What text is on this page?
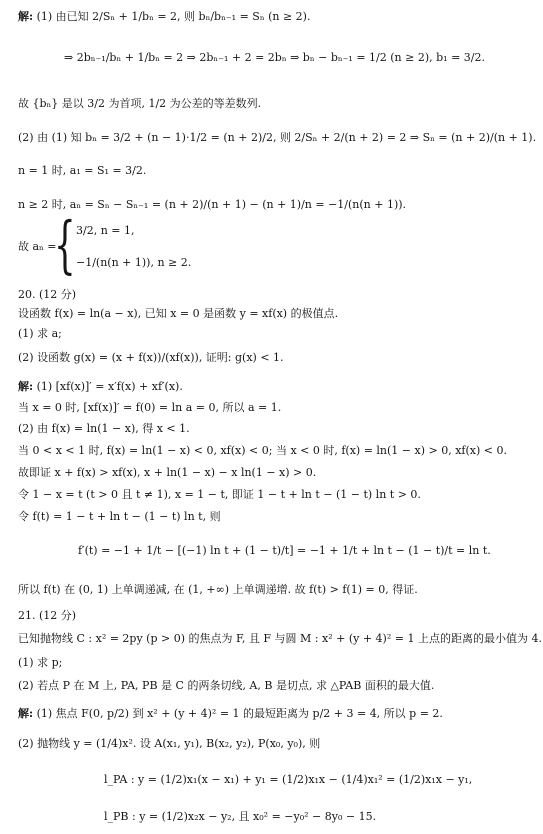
解: (1) 由已知 2/Sₙ + 1/bₙ = 2, 则 bₙ/bₙ₋₁ = Sₙ (n ≥ 2).
⇒ 2bₙ₋₁/bₙ + 1/bₙ = 2 ⇒ 2bₙ₋₁ + 2 = 2bₙ ⇒ bₙ − bₙ₋₁ = 1/2 (n ≥ 2), b₁ = 3/2.
故 {bₙ} 是以 3/2 为首项, 1/2 为公差的等差数列.
(2) 由 (1) 知 bₙ = 3/2 + (n − 1)·1/2 = (n + 2)/2, 则 2/Sₙ + 2/(n + 2) = 2 ⇒ Sₙ = (n + 2)/(n + 1).
n = 1 时, a₁ = S₁ = 3/2.
n ≥ 2 时, aₙ = Sₙ − Sₙ₋₁ = (n + 2)/(n + 1) − (n + 1)/n = −1/(n(n + 1)).
故 aₙ =
{ 3/2, n = 1,
−1/(n(n + 1)), n ≥ 2.
20. (12 分)
设函数 f(x) = ln(a − x), 已知 x = 0 是函数 y = xf(x) 的极值点.
(1) 求 a;
(2) 设函数 g(x) = (x + f(x))/(xf(x)), 证明: g(x) < 1.
解: (1) [xf(x)]′ = x′f(x) + xf′(x).
当 x = 0 时, [xf(x)]′ = f(0) = ln a = 0, 所以 a = 1.
(2) 由 f(x) = ln(1 − x), 得 x < 1.
当 0 < x < 1 时, f(x) = ln(1 − x) < 0, xf(x) < 0; 当 x < 0 时, f(x) = ln(1 − x) > 0, xf(x) < 0.
故即证 x + f(x) > xf(x), x + ln(1 − x) − x ln(1 − x) > 0.
令 1 − x = t (t > 0 且 t ≠ 1), x = 1 − t, 即证 1 − t + ln t − (1 − t) ln t > 0.
令 f(t) = 1 − t + ln t − (1 − t) ln t, 则
f′(t) = −1 + 1/t − [(−1) ln t + (1 − t)/t] = −1 + 1/t + ln t − (1 − t)/t = ln t.
所以 f(t) 在 (0, 1) 上单调递减, 在 (1, +∞) 上单调递增. 故 f(t) > f(1) = 0, 得证.
21. (12 分)
已知抛物线 C : x² = 2py (p > 0) 的焦点为 F, 且 F 与圆 M : x² + (y + 4)² = 1 上点的距离的最小值为 4.
(1) 求 p;
(2) 若点 P 在 M 上, PA, PB 是 C 的两条切线, A, B 是切点, 求 △PAB 面积的最大值.
解: (1) 焦点 F(0, p/2) 到 x² + (y + 4)² = 1 的最短距离为 p/2 + 3 = 4, 所以 p = 2.
(2) 抛物线 y = (1/4)x². 设 A(x₁, y₁), B(x₂, y₂), P(x₀, y₀), 则
l_PA : y = (1/2)x₁(x − x₁) + y₁ = (1/2)x₁x − (1/4)x₁² = (1/2)x₁x − y₁,
l_PB : y = (1/2)x₂x − y₂, 且 x₀² = −y₀² − 8y₀ − 15.
